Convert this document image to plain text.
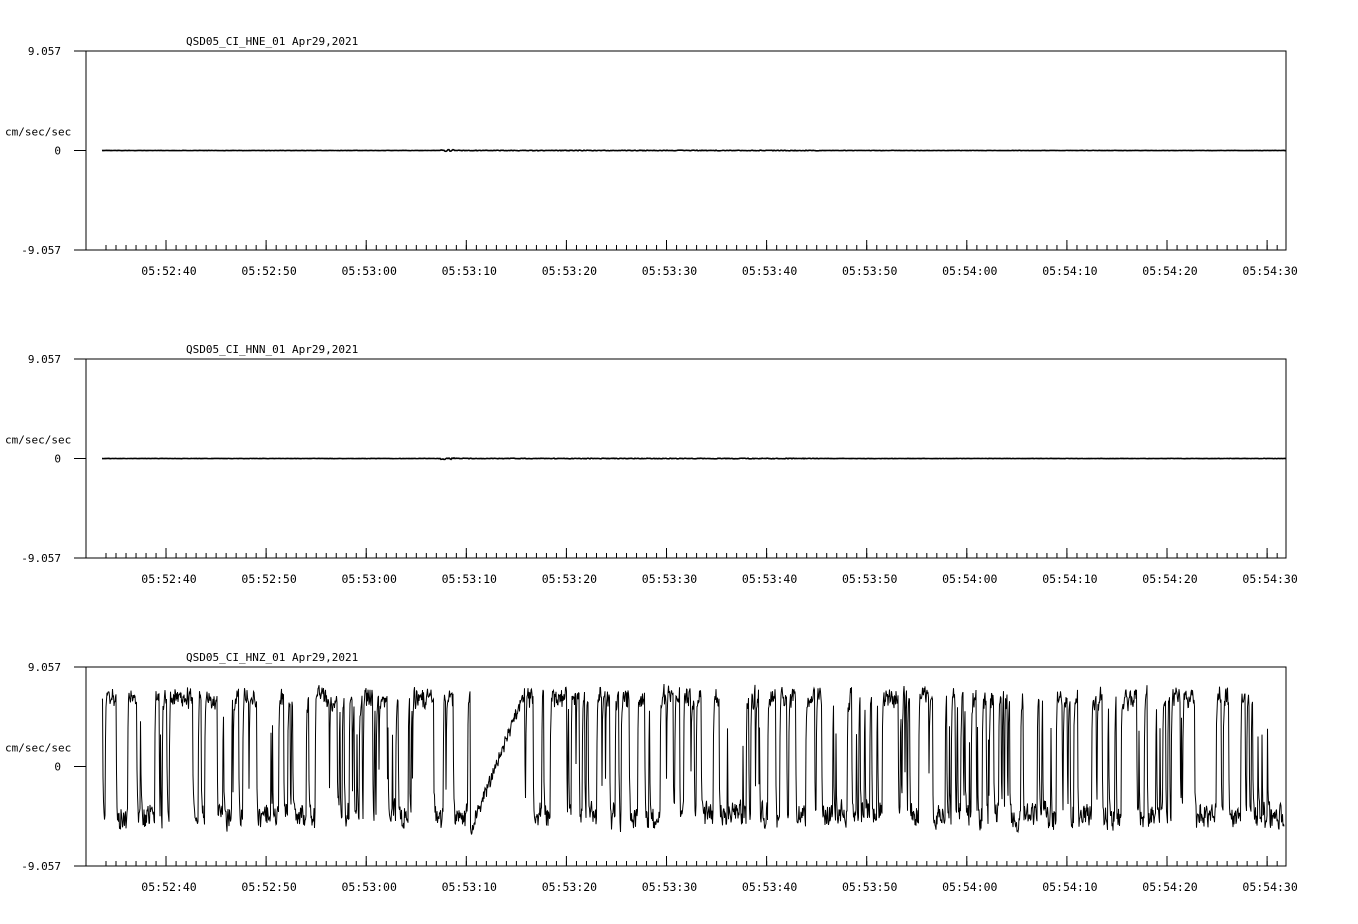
QSD05_CI_HNE_01 Apr29,2021
cm/sec/sec
9.057
0
-9.057
05:52:40	05:52:50	05:53:00	05:53:10	05:53:20	05:53:30	05:53:40	05:53:50	05:54:00	05:54:10	05:54:20	05:54:30
QSD05_CI_HNN_01 Apr29,2021
cm/sec/sec
9.057
0
-9.057
05:52:40	05:52:50	05:53:00	05:53:10	05:53:20	05:53:30	05:53:40	05:53:50	05:54:00	05:54:10	05:54:20	05:54:30
QSD05_CI_HNZ_01 Apr29,2021
cm/sec/sec
9.057
0
-9.057
05:52:40	05:52:50	05:53:00	05:53:10	05:53:20	05:53:30	05:53:40	05:53:50	05:54:00	05:54:10	05:54:20	05:54:30
